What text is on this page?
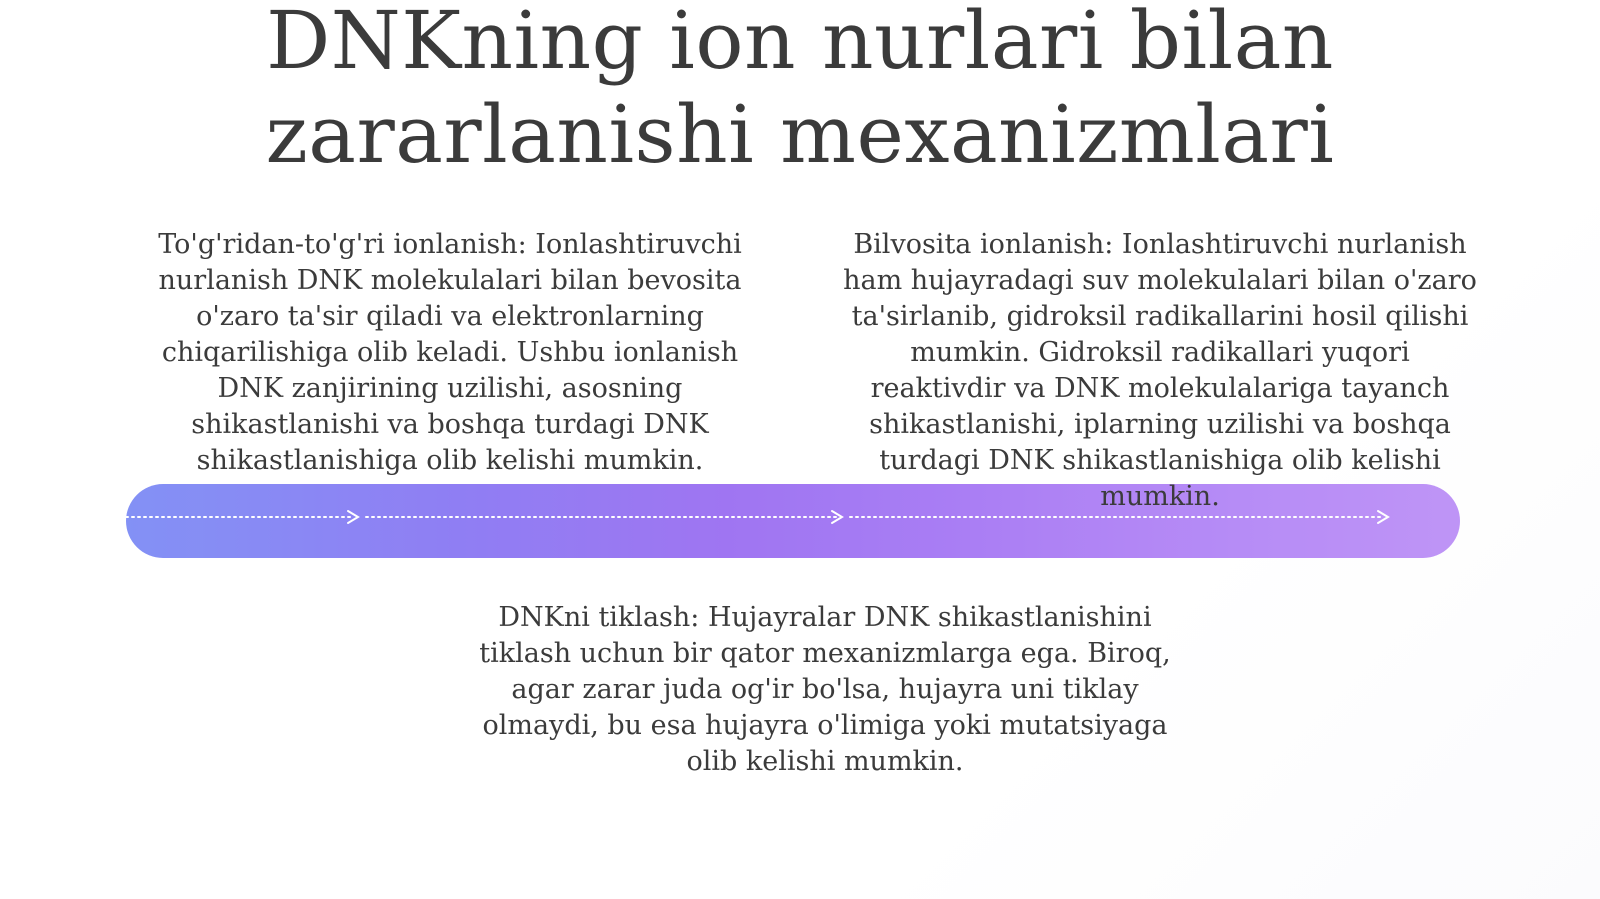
DNKning ion nurlari bilan
zararlanishi mexanizmlari

To'g'ridan-to'g'ri ionlanish: Ionlashtiruvchi nurlanish DNK molekulalari bilan bevosita o'zaro ta'sir qiladi va elektronlarning chiqarilishiga olib keladi. Ushbu ionlanish DNK zanjirining uzilishi, asosning shikastlanishi va boshqa turdagi DNK shikastlanishiga olib kelishi mumkin.

Bilvosita ionlanish: Ionlashtiruvchi nurlanish ham hujayradagi suv molekulalari bilan o'zaro ta'sirlanib, gidroksil radikallarini hosil qilishi mumkin. Gidroksil radikallari yuqori reaktivdir va DNK molekulalariga tayanch shikastlanishi, iplarning uzilishi va boshqa turdagi DNK shikastlanishiga olib kelishi mumkin.

DNKni tiklash: Hujayralar DNK shikastlanishini tiklash uchun bir qator mexanizmlarga ega. Biroq, agar zarar juda og'ir bo'lsa, hujayra uni tiklay olmaydi, bu esa hujayra o'limiga yoki mutatsiyaga olib kelishi mumkin.
